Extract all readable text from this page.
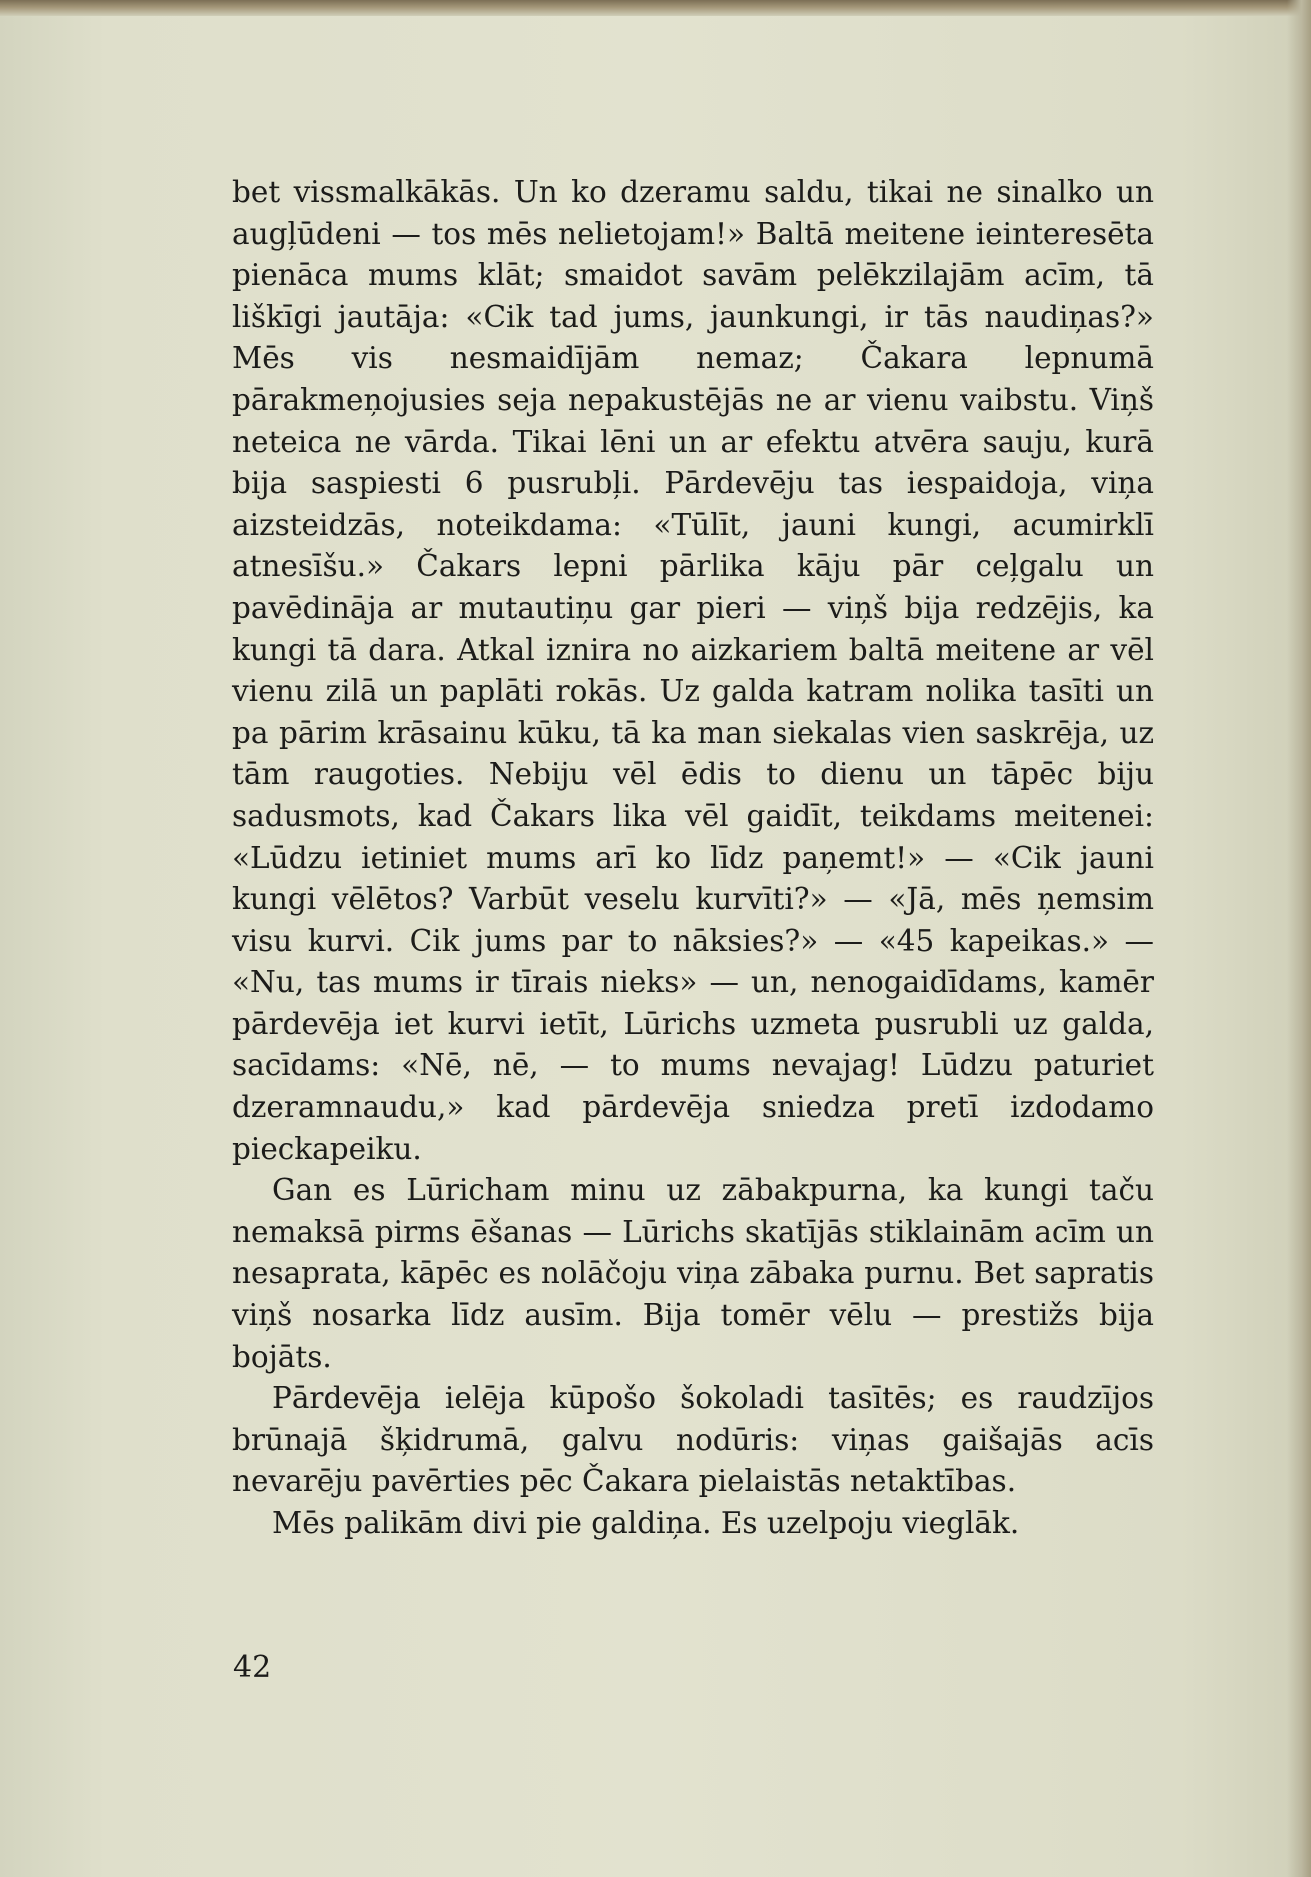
bet vissmalkākās. Un ko dzeramu saldu, tikai ne sinalko un augļūdeni — tos mēs nelietojam!» Baltā meitene ieinteresēta pienāca mums klāt; smaidot savām pelēkzilajām acīm, tā liškīgi jautāja: «Cik tad jums, jaunkungi, ir tās naudiņas?» Mēs vis nesmaidījām nemaz; Čakara lepnumā pārakmeņojusies seja nepakustējās ne ar vienu vaibstu. Viņš neteica ne vārda. Tikai lēni un ar efektu atvēra sauju, kurā bija saspiesti 6 pusrubļi. Pārdevēju tas iespaidoja, viņa aizsteidzās, noteikdama: «Tūlīt, jauni kungi, acumirklī atnesīšu.» Čakars lepni pārlika kāju pār ceļgalu un pavēdināja ar mutautiņu gar pieri — viņš bija redzējis, ka kungi tā dara. Atkal iznira no aizkariem baltā meitene ar vēl vienu zilā un paplāti rokās. Uz galda katram nolika tasīti un pa pārim krāsainu kūku, tā ka man siekalas vien saskrēja, uz tām raugoties. Nebiju vēl ēdis to dienu un tāpēc biju sadusmots, kad Čakars lika vēl gaidīt, teikdams meitenei: «Lūdzu ietiniet mums arī ko līdz paņemt!» — «Cik jauni kungi vēlētos? Varbūt veselu kurvīti?» — «Jā, mēs ņemsim visu kurvi. Cik jums par to nāksies?» — «45 kapeikas.» — «Nu, tas mums ir tīrais nieks» — un, nenogaidīdams, kamēr pārdevēja iet kurvi ietīt, Lūrichs uzmeta pusrubli uz galda, sacīdams: «Nē, nē, — to mums nevajag! Lūdzu paturiet dzeramnaudu,» kad pārdevēja sniedza pretī izdodamo pieckapeiku.

Gan es Lūricham minu uz zābakpurna, ka kungi taču nemaksā pirms ēšanas — Lūrichs skatījās stiklainām acīm un nesaprata, kāpēc es nolāčoju viņa zābaka purnu. Bet sapratis viņš nosarka līdz ausīm. Bija tomēr vēlu — prestižs bija bojāts.

Pārdevēja ielēja kūpošo šokoladi tasītēs; es raudzījos brūnajā šķidrumā, galvu nodūris: viņas gaišajās acīs nevarēju pavērties pēc Čakara pielaistās netaktības.

Mēs palikām divi pie galdiņa. Es uzelpoju vieglāk.

42
